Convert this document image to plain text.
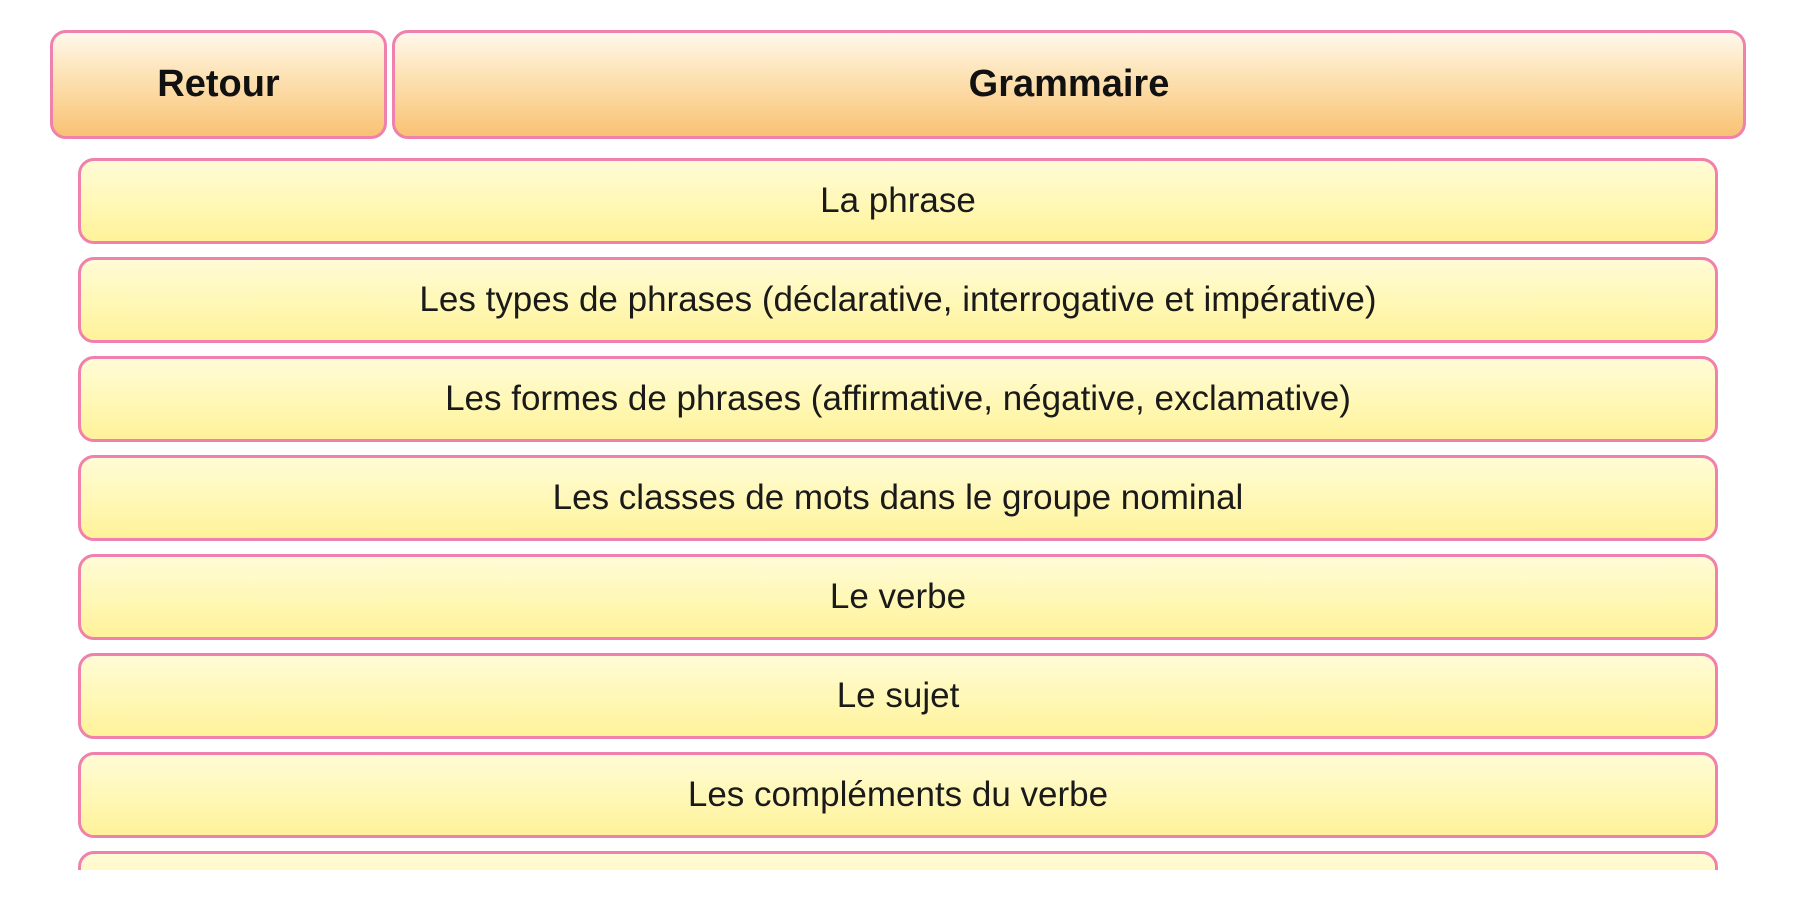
Retour	Grammaire
La phrase
Les types de phrases (déclarative, interrogative et impérative)
Les formes de phrases (affirmative, négative, exclamative)
Les classes de mots dans le groupe nominal
Le verbe
Le sujet
Les compléments du verbe
